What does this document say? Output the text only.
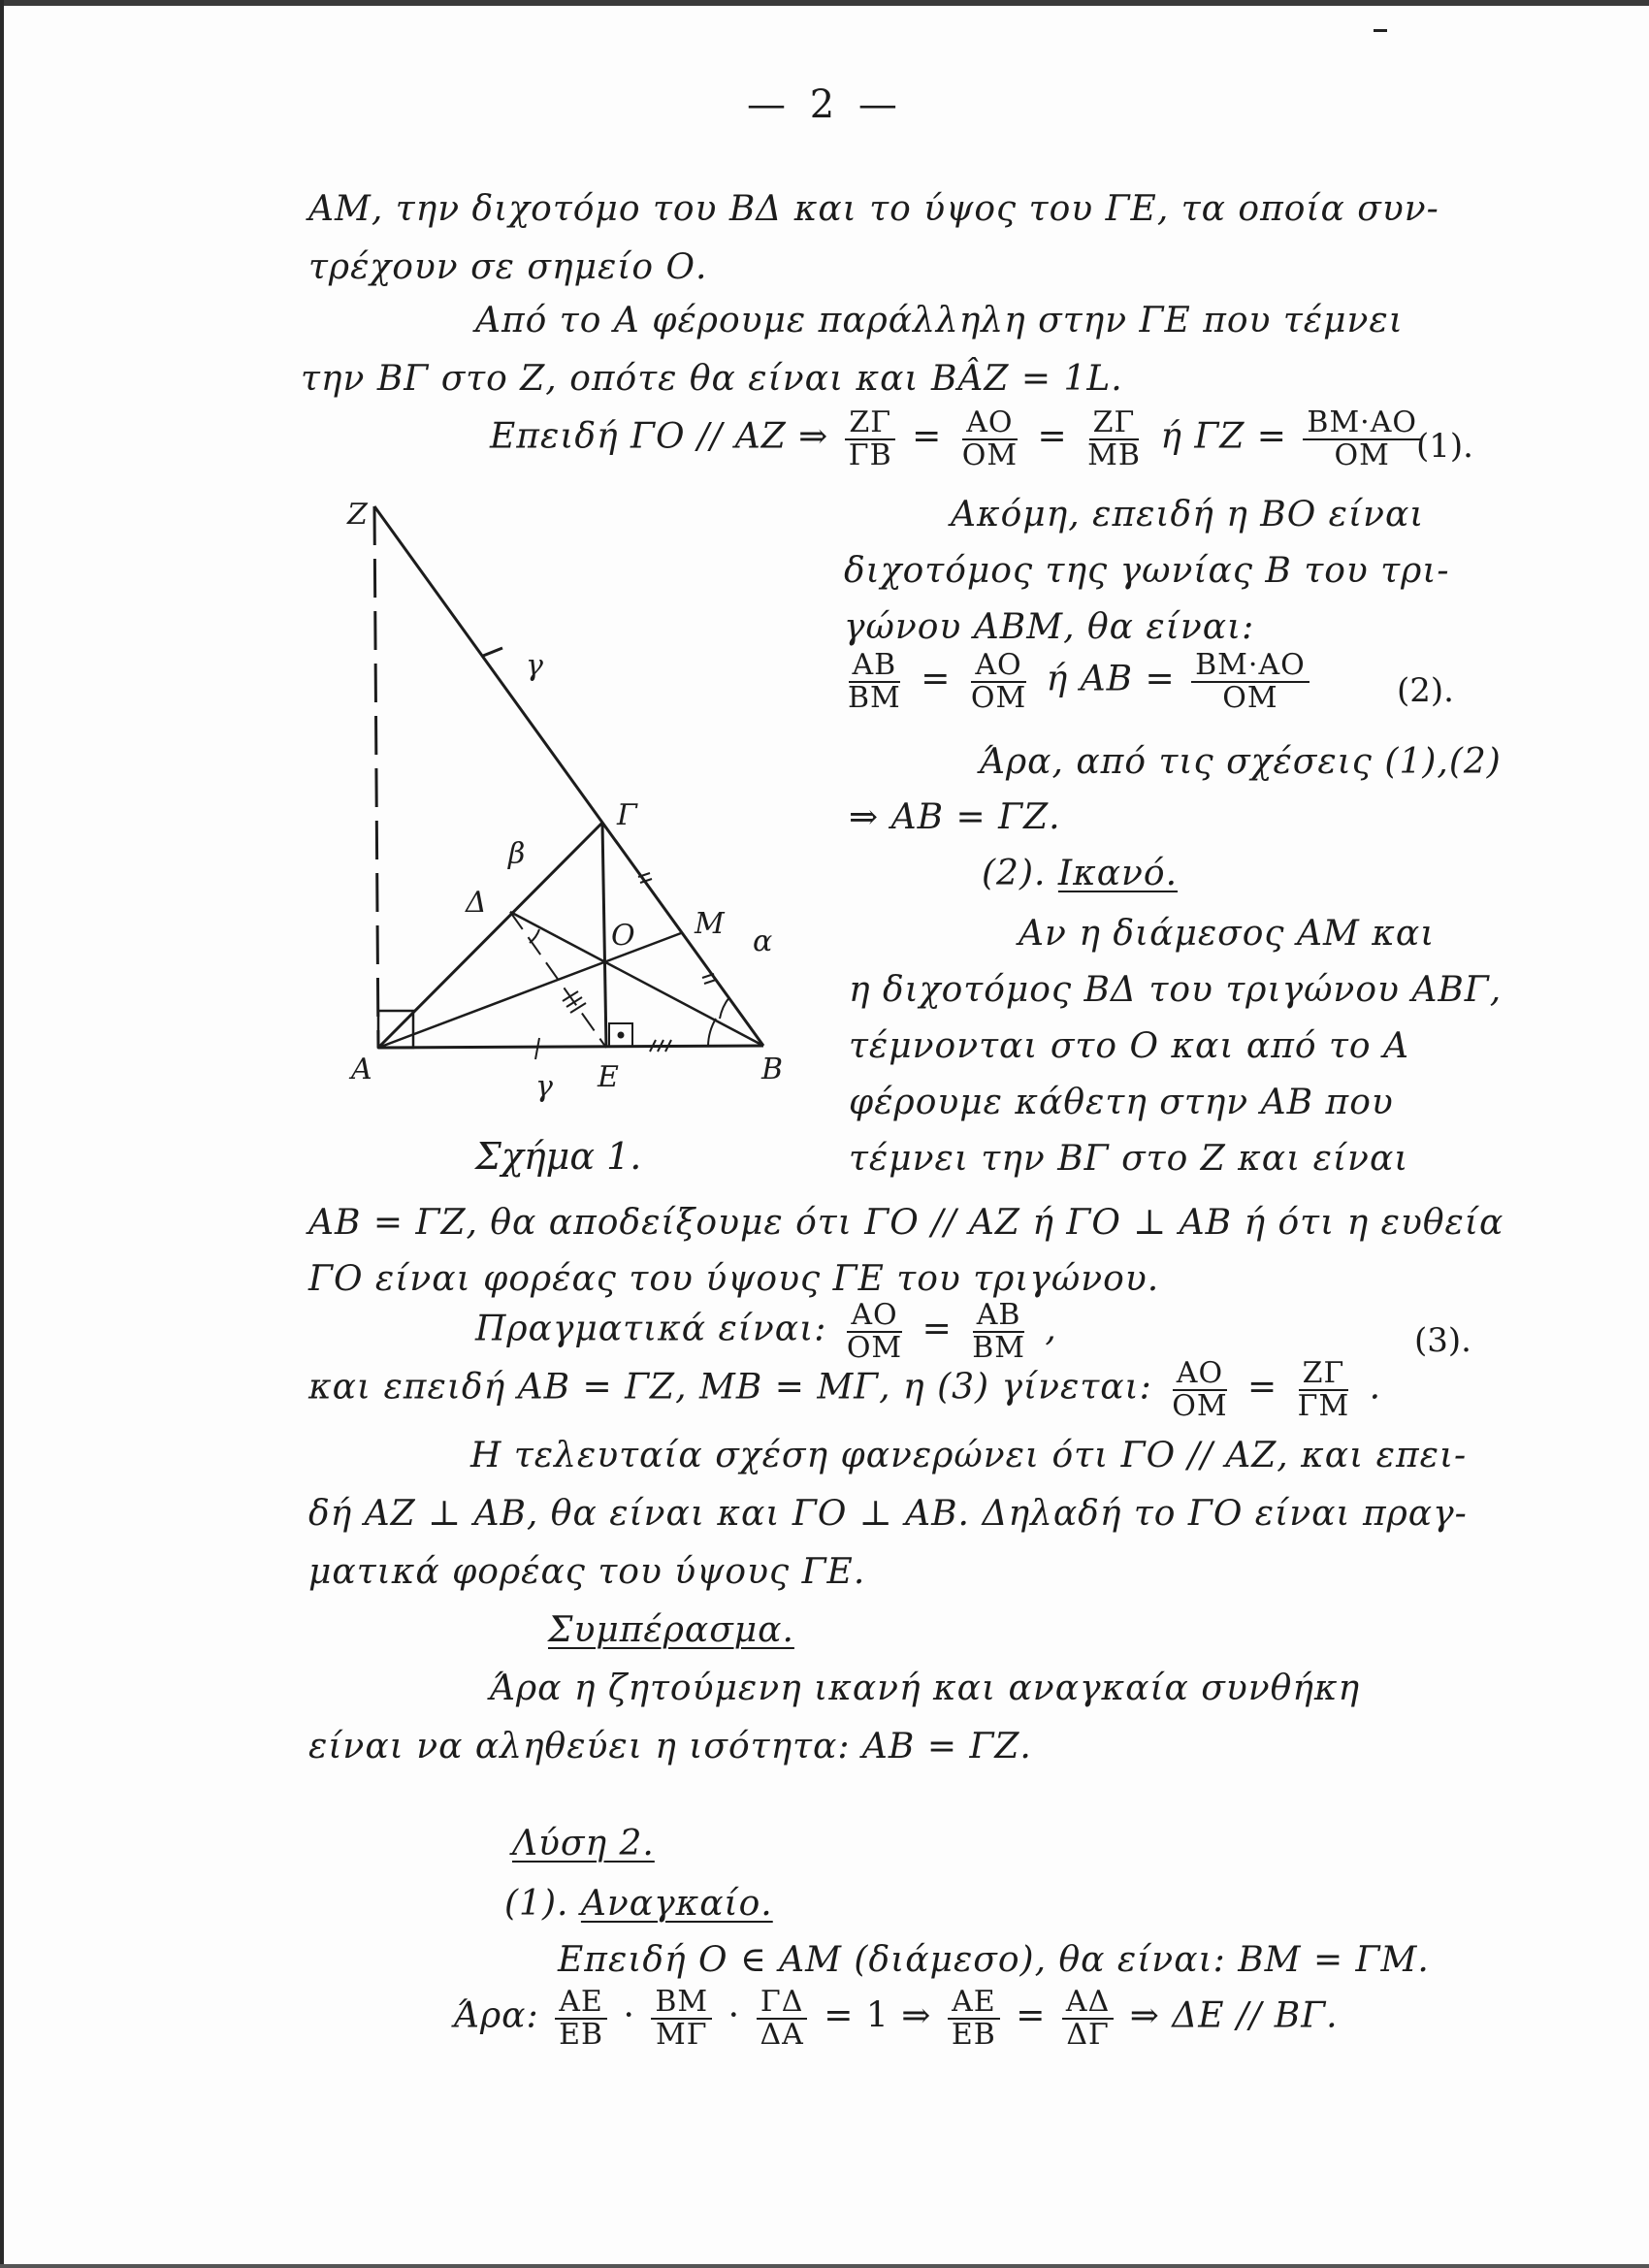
— 2 —
AM, την διχοτόμο του ΒΔ και το ύψος του ΓΕ, τα οποία συν-
τρέχουν σε σημείο Ο.
Από το Α φέρουμε παράλληλη στην ΓΕ που τέμνει
την ΒΓ στο Ζ, οπότε θα είναι και ΒÂΖ = 1L.
Επειδή ΓΟ // ΑΖ ⇒ $\frac{Z\Gamma}{\Gamma B} = \frac{AO}{OM} = \frac{Z\Gamma}{MB}$ ή $\Gamma Z = \frac{BM\cdot AO}{OM}$
(1).
Ζ
Α	Β
Γ
Ε
Δ
Μ
Ο	α
β
γ
γ
Σχήμα 1.
Ακόμη, επειδή η ΒΟ είναι
διχοτόμος της γωνίας Β του τρι-
γώνου ΑΒΜ, θα είναι:
$\frac{AB}{BM} = \frac{AO}{OM}$ ή $AB = \frac{BM\cdot AO}{OM}$	(2).
Άρα, από τις σχέσεις (1),(2)
⇒ ΑΒ = ΓΖ.
(2). Ικανό.
Αν η διάμεσος ΑΜ και
η διχοτόμος ΒΔ του τριγώνου ΑΒΓ,
τέμνονται στο Ο και από το Α
φέρουμε κάθετη στην ΑΒ που
τέμνει την ΒΓ στο Ζ και είναι
ΑΒ = ΓΖ, θα αποδείξουμε ότι ΓΟ // ΑΖ ή ΓΟ ⊥ ΑΒ ή ότι η ευθεία
ΓΟ είναι φορέας του ύψους ΓΕ του τριγώνου.
Πραγματικά είναι: $\frac{AO}{OM} = \frac{AB}{BM}$ ,	(3).
και επειδή ΑΒ = ΓΖ, ΜΒ = ΜΓ, η (3) γίνεται: $\frac{AO}{OM} = \frac{Z\Gamma}{\Gamma M}$ .
Η τελευταία σχέση φανερώνει ότι ΓΟ // ΑΖ, και επει-
δή ΑΖ ⊥ ΑΒ, θα είναι και ΓΟ ⊥ ΑΒ. Δηλαδή το ΓΟ είναι πραγ-
ματικά φορέας του ύψους ΓΕ.
Συμπέρασμα.
Άρα η ζητούμενη ικανή και αναγκαία συνθήκη
είναι να αληθεύει η ισότητα: ΑΒ = ΓΖ.
Λύση 2.
(1). Αναγκαίο.
Επειδή Ο ∈ ΑΜ (διάμεσο), θα είναι: ΒΜ = ΓΜ.
Άρα: $\frac{AE}{EB} \cdot \frac{BM}{M\Gamma} \cdot \frac{\Gamma\Delta}{\Delta A} = 1$ ⇒ $\frac{AE}{EB} = \frac{A\Delta}{\Delta\Gamma}$ ⇒ ΔΕ // ΒΓ.
